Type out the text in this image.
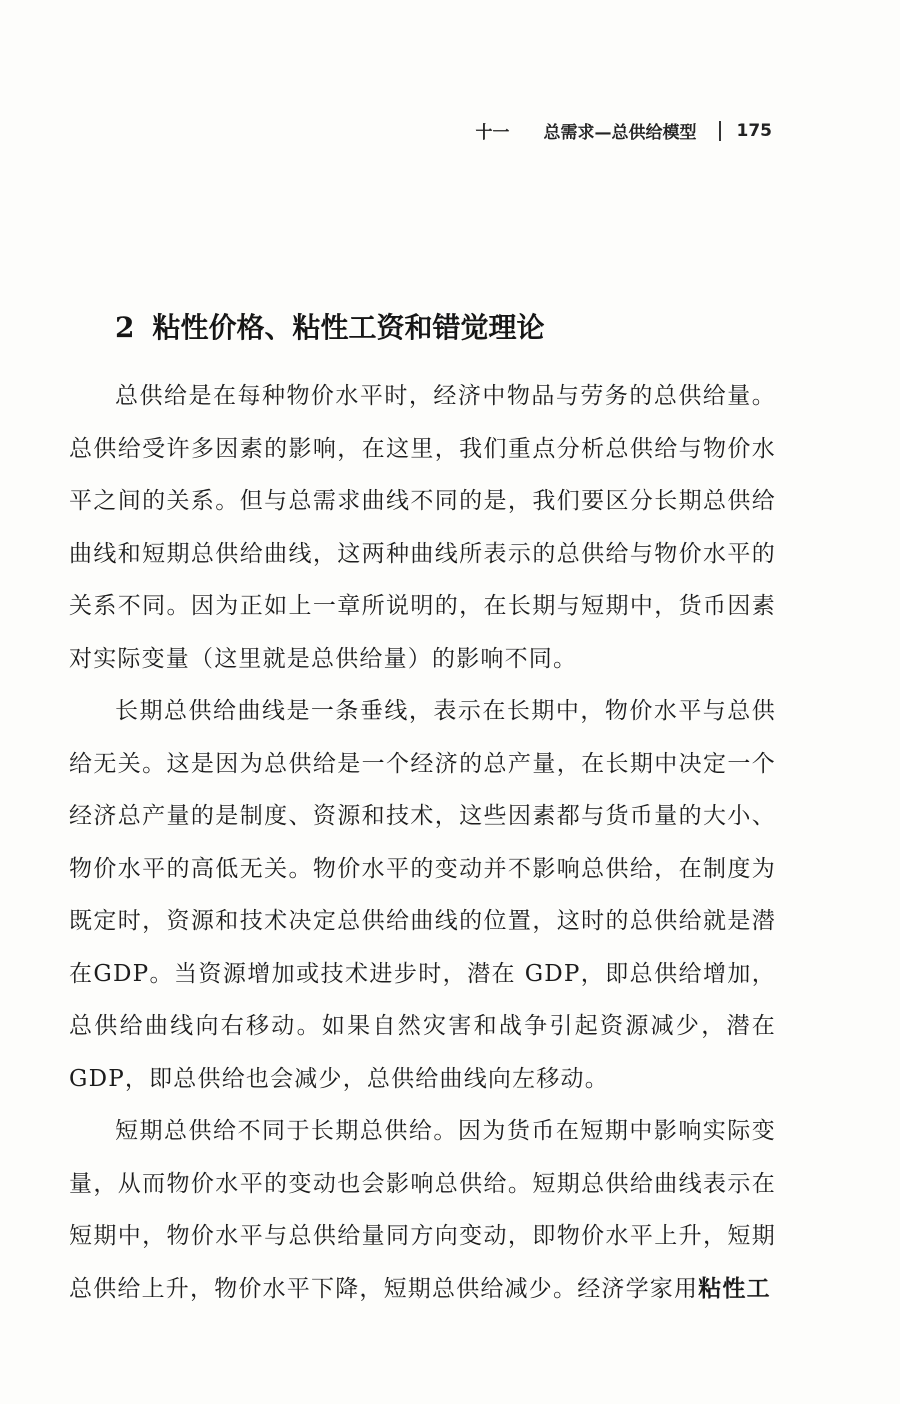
十一 总需求—总供给模型 175
2 粘性价格、粘性工资和错觉理论

总供给是在每种物价水平时，经济中物品与劳务的总供给量。总供给受许多因素的影响，在这里，我们重点分析总供给与物价水平之间的关系。但与总需求曲线不同的是，我们要区分长期总供给曲线和短期总供给曲线，这两种曲线所表示的总供给与物价水平的关系不同。因为正如上一章所说明的，在长期与短期中，货币因素对实际变量（这里就是总供给量）的影响不同。

长期总供给曲线是一条垂线，表示在长期中，物价水平与总供给无关。这是因为总供给是一个经济的总产量，在长期中决定一个经济总产量的是制度、资源和技术，这些因素都与货币量的大小、物价水平的高低无关。物价水平的变动并不影响总供给，在制度为既定时，资源和技术决定总供给曲线的位置，这时的总供给就是潜在GDP。当资源增加或技术进步时，潜在 GDP，即总供给增加，总供给曲线向右移动。如果自然灾害和战争引起资源减少，潜在 GDP，即总供给也会减少，总供给曲线向左移动。

短期总供给不同于长期总供给。因为货币在短期中影响实际变量，从而物价水平的变动也会影响总供给。短期总供给曲线表示在短期中，物价水平与总供给量同方向变动，即物价水平上升，短期总供给上升，物价水平下降，短期总供给减少。经济学家用粘性工
